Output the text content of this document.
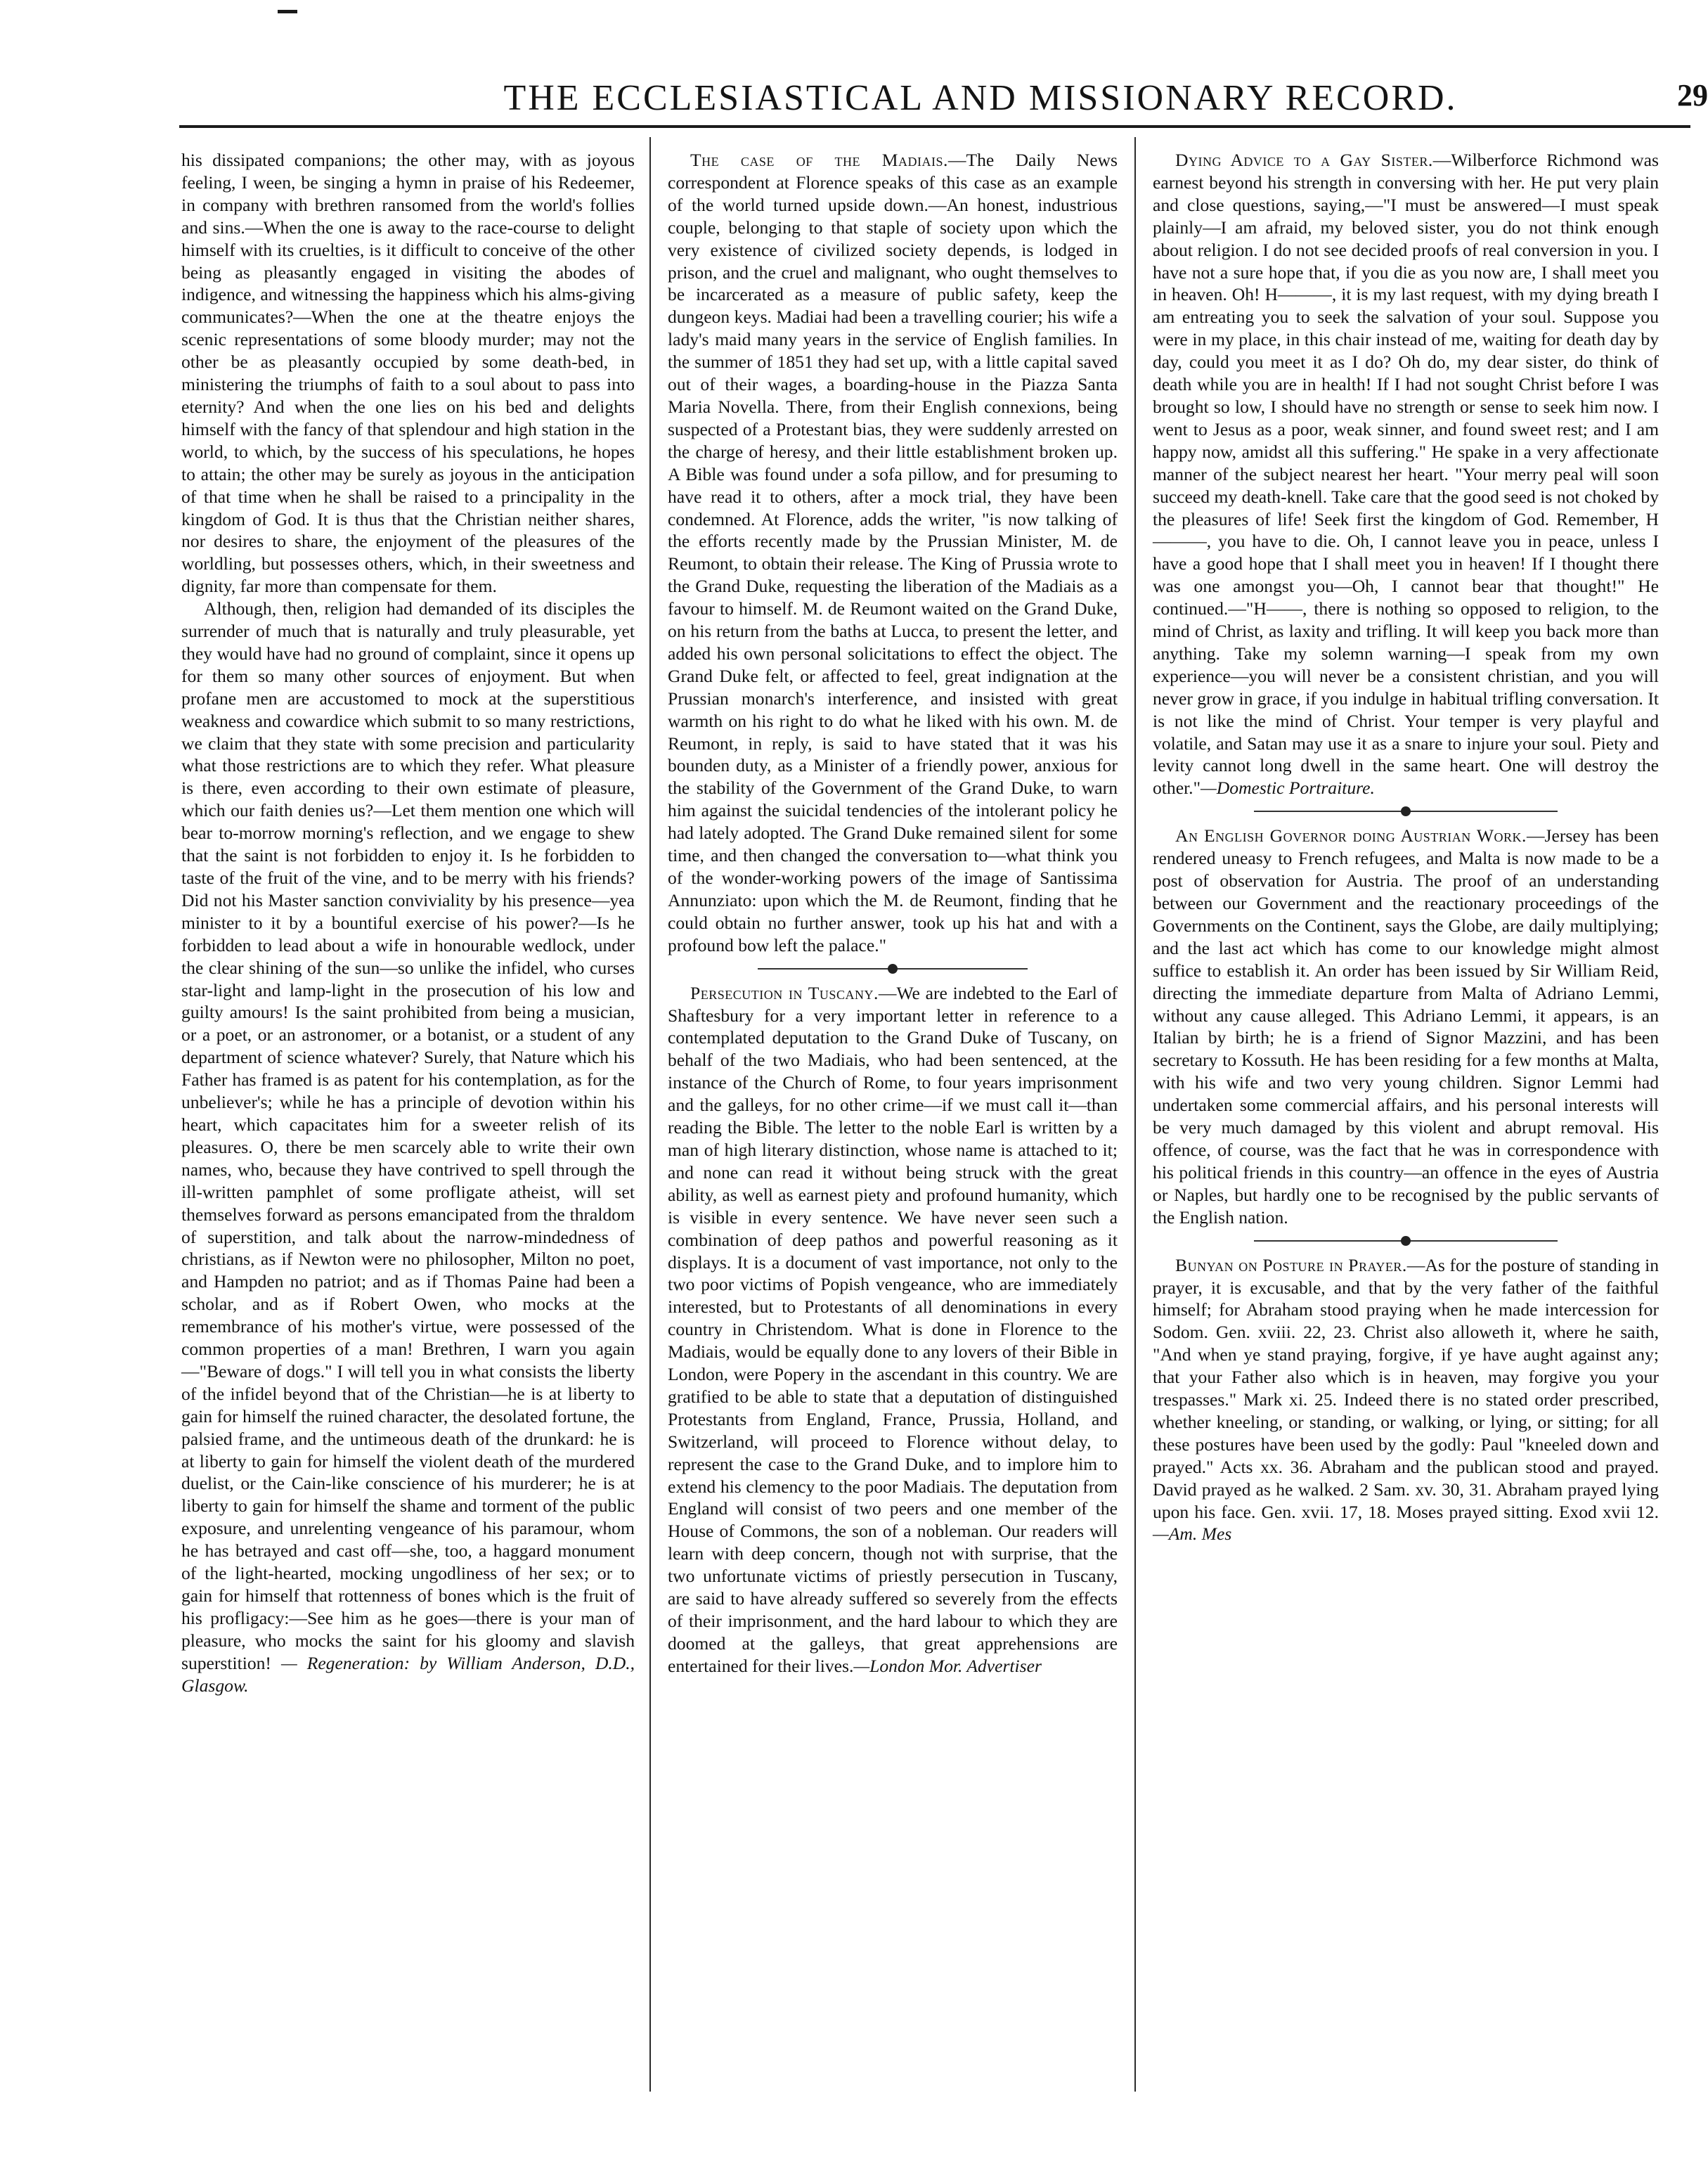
THE ECCLESIASTICAL AND MISSIONARY RECORD.	29

his dissipated companions; the other may, with as joyous feeling, I ween, be singing a hymn in praise of his Redeemer, in company with brethren ransomed from the world's follies and sins.—When the one is away to the race-course to delight himself with its cruelties, is it difficult to conceive of the other being as pleasantly engaged in visiting the abodes of indigence, and witnessing the happiness which his alms-giving communicates?—When the one at the theatre enjoys the scenic representations of some bloody murder; may not the other be as pleasantly occupied by some death-bed, in ministering the triumphs of faith to a soul about to pass into eternity? And when the one lies on his bed and delights himself with the fancy of that splendour and high station in the world, to which, by the success of his speculations, he hopes to attain; the other may be surely as joyous in the anticipation of that time when he shall be raised to a principality in the kingdom of God. It is thus that the Christian neither shares, nor desires to share, the enjoyment of the pleasures of the worldling, but possesses others, which, in their sweetness and dignity, far more than compensate for them.

Although, then, religion had demanded of its disciples the surrender of much that is naturally and truly pleasurable, yet they would have had no ground of complaint, since it opens up for them so many other sources of enjoyment. But when profane men are accustomed to mock at the superstitious weakness and cowardice which submit to so many restrictions, we claim that they state with some precision and particularity what those restrictions are to which they refer. What pleasure is there, even according to their own estimate of pleasure, which our faith denies us?—Let them mention one which will bear to-morrow morning's reflection, and we engage to shew that the saint is not forbidden to enjoy it. Is he forbidden to taste of the fruit of the vine, and to be merry with his friends? Did not his Master sanction conviviality by his presence—yea minister to it by a bountiful exercise of his power?—Is he forbidden to lead about a wife in honourable wedlock, under the clear shining of the sun—so unlike the infidel, who curses star-light and lamp-light in the prosecution of his low and guilty amours! Is the saint prohibited from being a musician, or a poet, or an astronomer, or a botanist, or a student of any department of science whatever? Surely, that Nature which his Father has framed is as patent for his contemplation, as for the unbeliever's; while he has a principle of devotion within his heart, which capacitates him for a sweeter relish of its pleasures. O, there be men scarcely able to write their own names, who, because they have contrived to spell through the ill-written pamphlet of some profligate atheist, will set themselves forward as persons emancipated from the thraldom of superstition, and talk about the narrow-mindedness of christians, as if Newton were no philosopher, Milton no poet, and Hampden no patriot; and as if Thomas Paine had been a scholar, and as if Robert Owen, who mocks at the remembrance of his mother's virtue, were possessed of the common properties of a man! Brethren, I warn you again—"Beware of dogs." I will tell you in what consists the liberty of the infidel beyond that of the Christian—he is at liberty to gain for himself the ruined character, the desolated fortune, the palsied frame, and the untimeous death of the drunkard: he is at liberty to gain for himself the violent death of the murdered duelist, or the Cain-like conscience of his murderer; he is at liberty to gain for himself the shame and torment of the public exposure, and unrelenting vengeance of his paramour, whom he has betrayed and cast off—she, too, a haggard monument of the light-hearted, mocking ungodliness of her sex; or to gain for himself that rottenness of bones which is the fruit of his profligacy:—See him as he goes—there is your man of pleasure, who mocks the saint for his gloomy and slavish superstition! — Regeneration: by William Anderson, D.D., Glasgow.

The case of the Madiais.—The Daily News correspondent at Florence speaks of this case as an example of the world turned upside down.—An honest, industrious couple, belonging to that staple of society upon which the very existence of civilized society depends, is lodged in prison, and the cruel and malignant, who ought themselves to be incarcerated as a measure of public safety, keep the dungeon keys. Madiai had been a travelling courier; his wife a lady's maid many years in the service of English families. In the summer of 1851 they had set up, with a little capital saved out of their wages, a boarding-house in the Piazza Santa Maria Novella. There, from their English connexions, being suspected of a Protestant bias, they were suddenly arrested on the charge of heresy, and their little establishment broken up. A Bible was found under a sofa pillow, and for presuming to have read it to others, after a mock trial, they have been condemned. At Florence, adds the writer, "is now talking of the efforts recently made by the Prussian Minister, M. de Reumont, to obtain their release. The King of Prussia wrote to the Grand Duke, requesting the liberation of the Madiais as a favour to himself. M. de Reumont waited on the Grand Duke, on his return from the baths at Lucca, to present the letter, and added his own personal solicitations to effect the object. The Grand Duke felt, or affected to feel, great indignation at the Prussian monarch's interference, and insisted with great warmth on his right to do what he liked with his own. M. de Reumont, in reply, is said to have stated that it was his bounden duty, as a Minister of a friendly power, anxious for the stability of the Government of the Grand Duke, to warn him against the suicidal tendencies of the intolerant policy he had lately adopted. The Grand Duke remained silent for some time, and then changed the conversation to—what think you of the wonder-working powers of the image of Santissima Annunziato: upon which the M. de Reumont, finding that he could obtain no further answer, took up his hat and with a profound bow left the palace."

Persecution in Tuscany.—We are indebted to the Earl of Shaftesbury for a very important letter in reference to a contemplated deputation to the Grand Duke of Tuscany, on behalf of the two Madiais, who had been sentenced, at the instance of the Church of Rome, to four years imprisonment and the galleys, for no other crime—if we must call it—than reading the Bible. The letter to the noble Earl is written by a man of high literary distinction, whose name is attached to it; and none can read it without being struck with the great ability, as well as earnest piety and profound humanity, which is visible in every sentence. We have never seen such a combination of deep pathos and powerful reasoning as it displays. It is a document of vast importance, not only to the two poor victims of Popish vengeance, who are immediately interested, but to Protestants of all denominations in every country in Christendom. What is done in Florence to the Madiais, would be equally done to any lovers of their Bible in London, were Popery in the ascendant in this country. We are gratified to be able to state that a deputation of distinguished Protestants from England, France, Prussia, Holland, and Switzerland, will proceed to Florence without delay, to represent the case to the Grand Duke, and to implore him to extend his clemency to the poor Madiais. The deputation from England will consist of two peers and one member of the House of Commons, the son of a nobleman. Our readers will learn with deep concern, though not with surprise, that the two unfortunate victims of priestly persecution in Tuscany, are said to have already suffered so severely from the effects of their imprisonment, and the hard labour to which they are doomed at the galleys, that great apprehensions are entertained for their lives.—London Mor. Advertiser

Dying Advice to a Gay Sister.—Wilberforce Richmond was earnest beyond his strength in conversing with her. He put very plain and close questions, saying,—"I must be answered—I must speak plainly—I am afraid, my beloved sister, you do not think enough about religion. I do not see decided proofs of real conversion in you. I have not a sure hope that, if you die as you now are, I shall meet you in heaven. Oh! H———, it is my last request, with my dying breath I am entreating you to seek the salvation of your soul. Suppose you were in my place, in this chair instead of me, waiting for death day by day, could you meet it as I do? Oh do, my dear sister, do think of death while you are in health! If I had not sought Christ before I was brought so low, I should have no strength or sense to seek him now. I went to Jesus as a poor, weak sinner, and found sweet rest; and I am happy now, amidst all this suffering." He spake in a very affectionate manner of the subject nearest her heart. "Your merry peal will soon succeed my death-knell. Take care that the good seed is not choked by the pleasures of life! Seek first the kingdom of God. Remember, H———, you have to die. Oh, I cannot leave you in peace, unless I have a good hope that I shall meet you in heaven! If I thought there was one amongst you—Oh, I cannot bear that thought!" He continued.—"H——, there is nothing so opposed to religion, to the mind of Christ, as laxity and trifling. It will keep you back more than anything. Take my solemn warning—I speak from my own experience—you will never be a consistent christian, and you will never grow in grace, if you indulge in habitual trifling conversation. It is not like the mind of Christ. Your temper is very playful and volatile, and Satan may use it as a snare to injure your soul. Piety and levity cannot long dwell in the same heart. One will destroy the other."—Domestic Portraiture.

An English Governor doing Austrian Work.—Jersey has been rendered uneasy to French refugees, and Malta is now made to be a post of observation for Austria. The proof of an understanding between our Government and the reactionary proceedings of the Governments on the Continent, says the Globe, are daily multiplying; and the last act which has come to our knowledge might almost suffice to establish it. An order has been issued by Sir William Reid, directing the immediate departure from Malta of Adriano Lemmi, without any cause alleged. This Adriano Lemmi, it appears, is an Italian by birth; he is a friend of Signor Mazzini, and has been secretary to Kossuth. He has been residing for a few months at Malta, with his wife and two very young children. Signor Lemmi had undertaken some commercial affairs, and his personal interests will be very much damaged by this violent and abrupt removal. His offence, of course, was the fact that he was in correspondence with his political friends in this country—an offence in the eyes of Austria or Naples, but hardly one to be recognised by the public servants of the English nation.

Bunyan on Posture in Prayer.—As for the posture of standing in prayer, it is excusable, and that by the very father of the faithful himself; for Abraham stood praying when he made intercession for Sodom. Gen. xviii. 22, 23. Christ also alloweth it, where he saith, "And when ye stand praying, forgive, if ye have aught against any; that your Father also which is in heaven, may forgive you your trespasses." Mark xi. 25. Indeed there is no stated order prescribed, whether kneeling, or standing, or walking, or lying, or sitting; for all these postures have been used by the godly: Paul "kneeled down and prayed." Acts xx. 36. Abraham and the publican stood and prayed. David prayed as he walked. 2 Sam. xv. 30, 31. Abraham prayed lying upon his face. Gen. xvii. 17, 18. Moses prayed sitting. Exod xvii 12.—Am. Mes
